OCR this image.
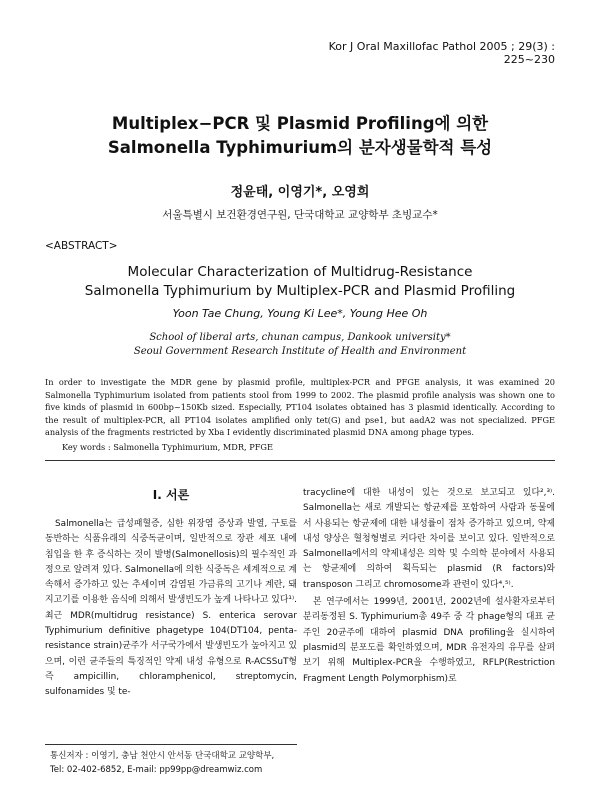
Kor J Oral Maxillofac Pathol 2005 ; 29(3) : 225~230
Multiplex−PCR 및 Plasmid Profiling에 의한
Salmonella Typhimurium의 분자생물학적 특성
정윤태, 이영기*, 오영희
서울특별시 보건환경연구원, 단국대학교 교양학부 초빙교수*
<ABSTRACT>
Molecular Characterization of Multidrug-Resistance
Salmonella Typhimurium by Multiplex-PCR and Plasmid Profiling
Yoon Tae Chung, Young Ki Lee*, Young Hee Oh
School of liberal arts, chunan campus, Dankook university*
Seoul Government Research Institute of Health and Environment
In order to investigate the MDR gene by plasmid profile, multiplex-PCR and PFGE analysis, it was examined 20 Salmonella Typhimurium isolated from patients stool from 1999 to 2002. The plasmid profile analysis was shown one to five kinds of plasmid in 600bp~150Kb sized. Especially, PT104 isolates obtained has 3 plasmid identically. According to the result of multiplex-PCR, all PT104 isolates amplified only tet(G) and pse1, but aadA2 was not specialized. PFGE analysis of the fragments restricted by Xba I evidently discriminated plasmid DNA among phage types.
Key words : Salmonella Typhimurium, MDR, PFGE
I. 서론

Salmonella는 급성패혈증, 심한 위장염 증상과 발열, 구토를 동반하는 식품유래의 식중독균이며, 일반적으로 장관 세포 내에 침입을 한 후 증식하는 것이 발병(Salmonellosis)의 필수적인 과정으로 알려져 있다. Salmonella에 의한 식중독은 세계적으로 계속해서 증가하고 있는 추세이며 감염된 가금류의 고기나 계란, 돼지고기를 이용한 음식에 의해서 발생빈도가 높게 나타나고 있다¹⁾. 최근 MDR(multidrug resistance) S. enterica serovar Typhimurium definitive phagetype 104(DT104, penta-resistance strain)균주가 서구국가에서 발생빈도가 높아지고 있으며, 이런 균주들의 특징적인 약제 내성 유형으로 R-ACSSuT형 즉 ampicillin, chloramphenicol, streptomycin, sulfonamides 및 te-

tracycline에 대한 내성이 있는 것으로 보고되고 있다²,³⁾. Salmonella는 새로 개발되는 항균제를 포함하여 사람과 동물에서 사용되는 항균제에 대한 내성률이 점차 증가하고 있으며, 약제내성 양상은 혈청형별로 커다란 차이를 보이고 있다. 일반적으로 Salmonella에서의 약제내성은 의학 및 수의학 분야에서 사용되는 항균제에 의하여 획득되는 plasmid (R factors)와 transposon 그리고 chromosome과 관련이 있다⁴,⁵⁾.

본 연구에서는 1999년, 2001년, 2002년에 설사환자로부터 분리동정된 S. Typhimurium총 49주 중 각 phage형의 대표 균주인 20균주에 대하여 plasmid DNA profiling을 실시하여 plasmid의 분포도를 확인하였으며, MDR 유전자의 유무를 살펴보기 위해 Multiplex-PCR을 수행하였고, RFLP(Restriction Fragment Length Polymorphism)로

통신저자 : 이영기, 충남 천안시 안서동 단국대학교 교양학부,
Tel: 02-402-6852, E-mail: pp99pp@dreamwiz.com
